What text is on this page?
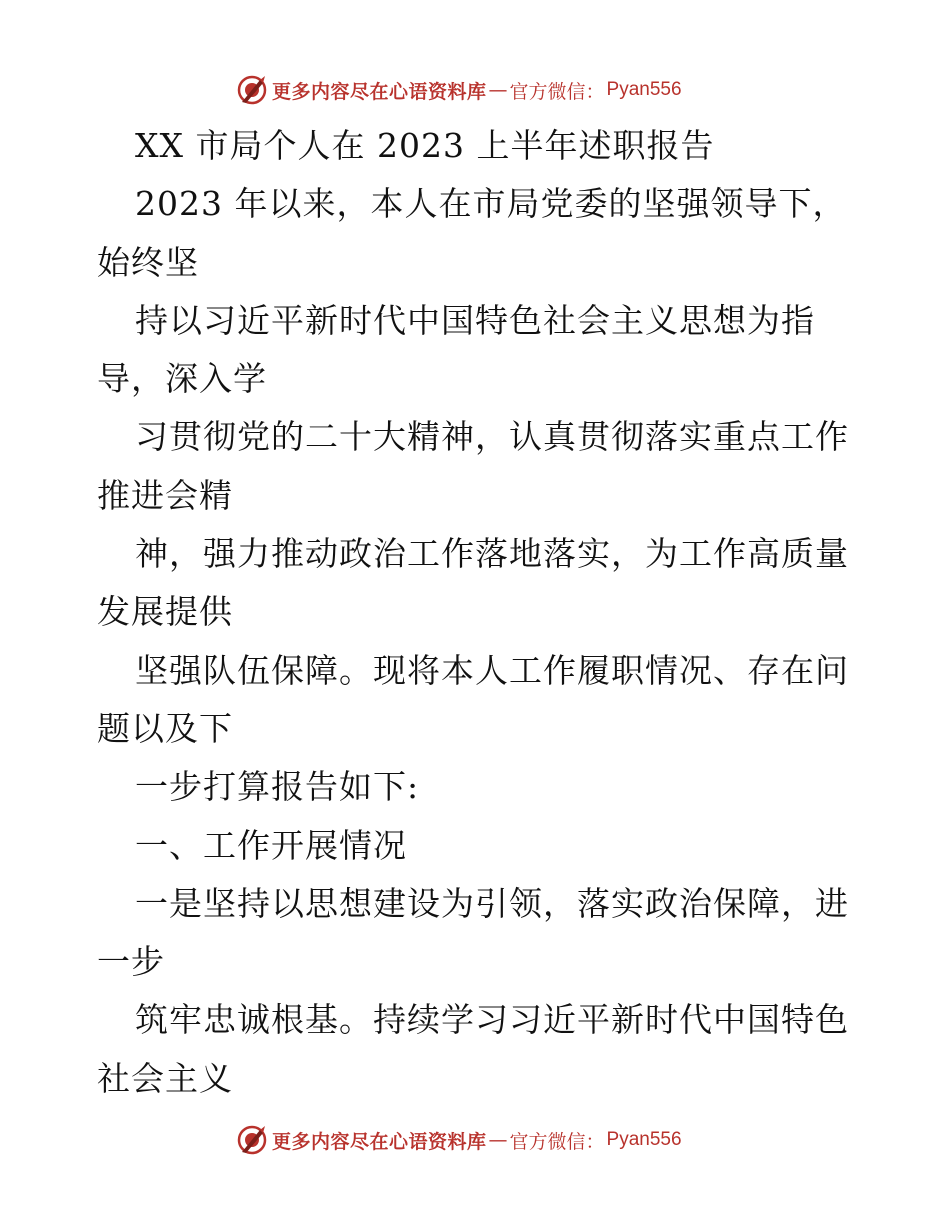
更多内容尽在心语资料库 — 官方微信： Pyan556
XX 市局个人在 2023 上半年述职报告
2023 年以来，本人在市局党委的坚强领导下，
始终坚
持以习近平新时代中国特色社会主义思想为指
导，深入学
习贯彻党的二十大精神，认真贯彻落实重点工作
推进会精
神，强力推动政治工作落地落实，为工作高质量
发展提供
坚强队伍保障。现将本人工作履职情况、存在问
题以及下
一步打算报告如下:
一、工作开展情况
一是坚持以思想建设为引领，落实政治保障，进
一步
筑牢忠诚根基。持续学习习近平新时代中国特色
社会主义
更多内容尽在心语资料库 — 官方微信： Pyan556
